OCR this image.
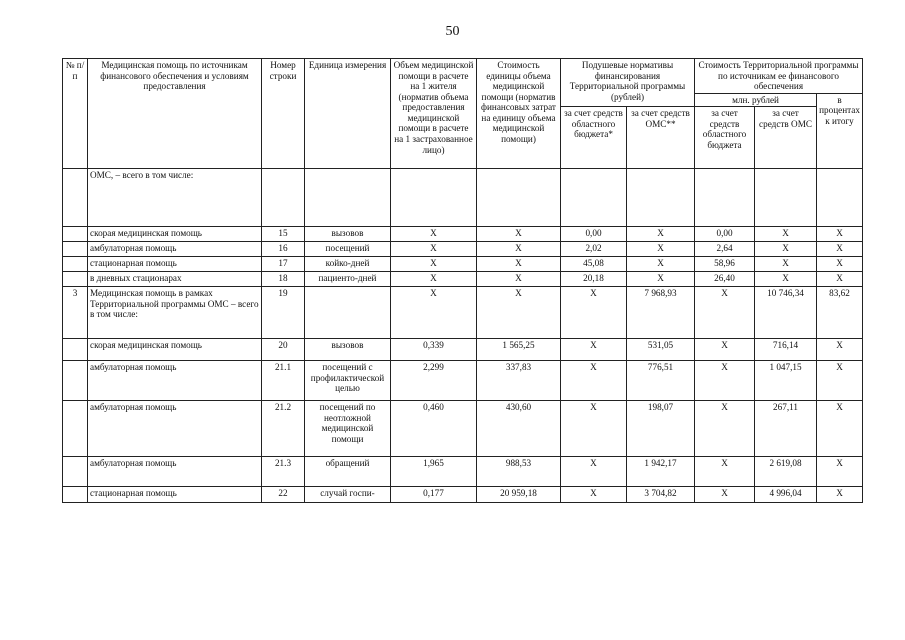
50
№ п/п	Медицинская помощь по источникам финансового обеспечения и условиям предоставления	Номер строки	Единица измерения	Объем медицинской помощи в расчете на 1 жителя (норматив объема предоставления медицинской помощи в расчете на 1 застрахованное лицо)	Стоимость единицы объема медицинской помощи (норматив финансовых затрат на единицу объема медицинской помощи)	Подушевые нормативы финансирования Территориальной программы (рублей)		Стоимость Территориальной программы по источникам ее финансового обеспечения		
								млн. рублей		в процентах к итогу
						за счет средств областного бюджета*	за счет средств ОМС**	за счет средств областного бюджета	за счет средств ОМС	

	ОМС, – всего в том числе:									
	скорая медицинская помощь	15	вызовов	X	X	0,00	X	0,00	X	X
	амбулаторная помощь	16	посещений	X	X	2,02	X	2,64	X	X
	стационарная помощь	17	койко-дней	X	X	45,08	X	58,96	X	X
	в дневных стационарах	18	пациенто-дней	X	X	20,18	X	26,40	X	X
3	Медицинская помощь в рамках Территориальной программы ОМС – всего в том числе:	19		X	X	X	7 968,93	X	10 746,34	83,62
	скорая медицинская помощь	20	вызовов	0,339	1 565,25	X	531,05	X	716,14	X
	амбулаторная помощь	21.1	посещений с профилактической целью	2,299	337,83	X	776,51	X	1 047,15	X
	амбулаторная помощь	21.2	посещений по неотложной медицинской помощи	0,460	430,60	X	198,07	X	267,11	X
	амбулаторная помощь	21.3	обращений	1,965	988,53	X	1 942,17	X	2 619,08	X
	стационарная помощь	22	случай госпи-	0,177	20 959,18	X	3 704,82	X	4 996,04	X
